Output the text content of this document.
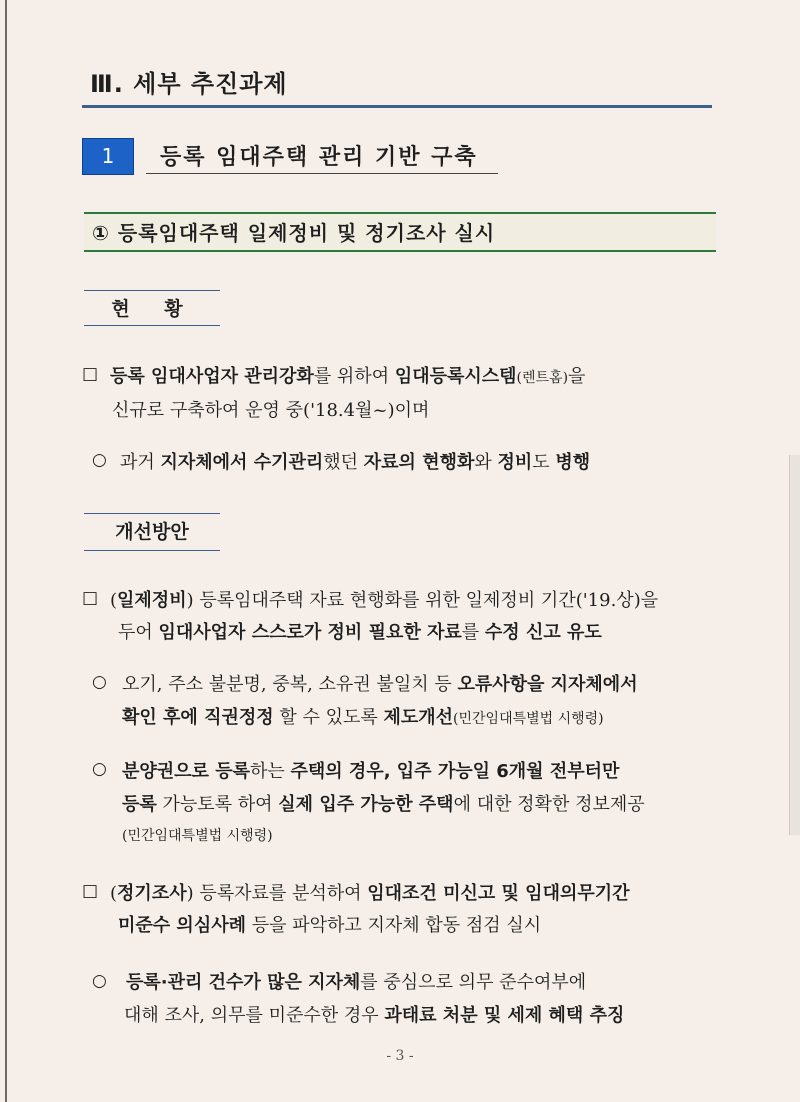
Ⅲ. 세부 추진과제
1	등록 임대주택 관리 기반 구축
① 등록임대주택 일제정비 및 정기조사 실시
현 황
□ 등록 임대사업자 관리강화를 위하여 임대등록시스템(렌트홈)을
신규로 구축하여 운영 중('18.4월~)이며
○ 과거 지자체에서 수기관리했던 자료의 현행화와 정비도 병행
개선방안
□ (일제정비) 등록임대주택 자료 현행화를 위한 일제정비 기간('19.상)을
두어 임대사업자 스스로가 정비 필요한 자료를 수정 신고 유도
○ 오기, 주소 불분명, 중복, 소유권 불일치 등 오류사항을 지자체에서
확인 후에 직권정정 할 수 있도록 제도개선(민간임대특별법 시행령)
○ 분양권으로 등록하는 주택의 경우, 입주 가능일 6개월 전부터만
등록 가능토록 하여 실제 입주 가능한 주택에 대한 정확한 정보제공
(민간임대특별법 시행령)
□ (정기조사) 등록자료를 분석하여 임대조건 미신고 및 임대의무기간
미준수 의심사례 등을 파악하고 지자체 합동 점검 실시
○ 등록·관리 건수가 많은 지자체를 중심으로 의무 준수여부에
대해 조사, 의무를 미준수한 경우 과태료 처분 및 세제 혜택 추징
- 3 -
